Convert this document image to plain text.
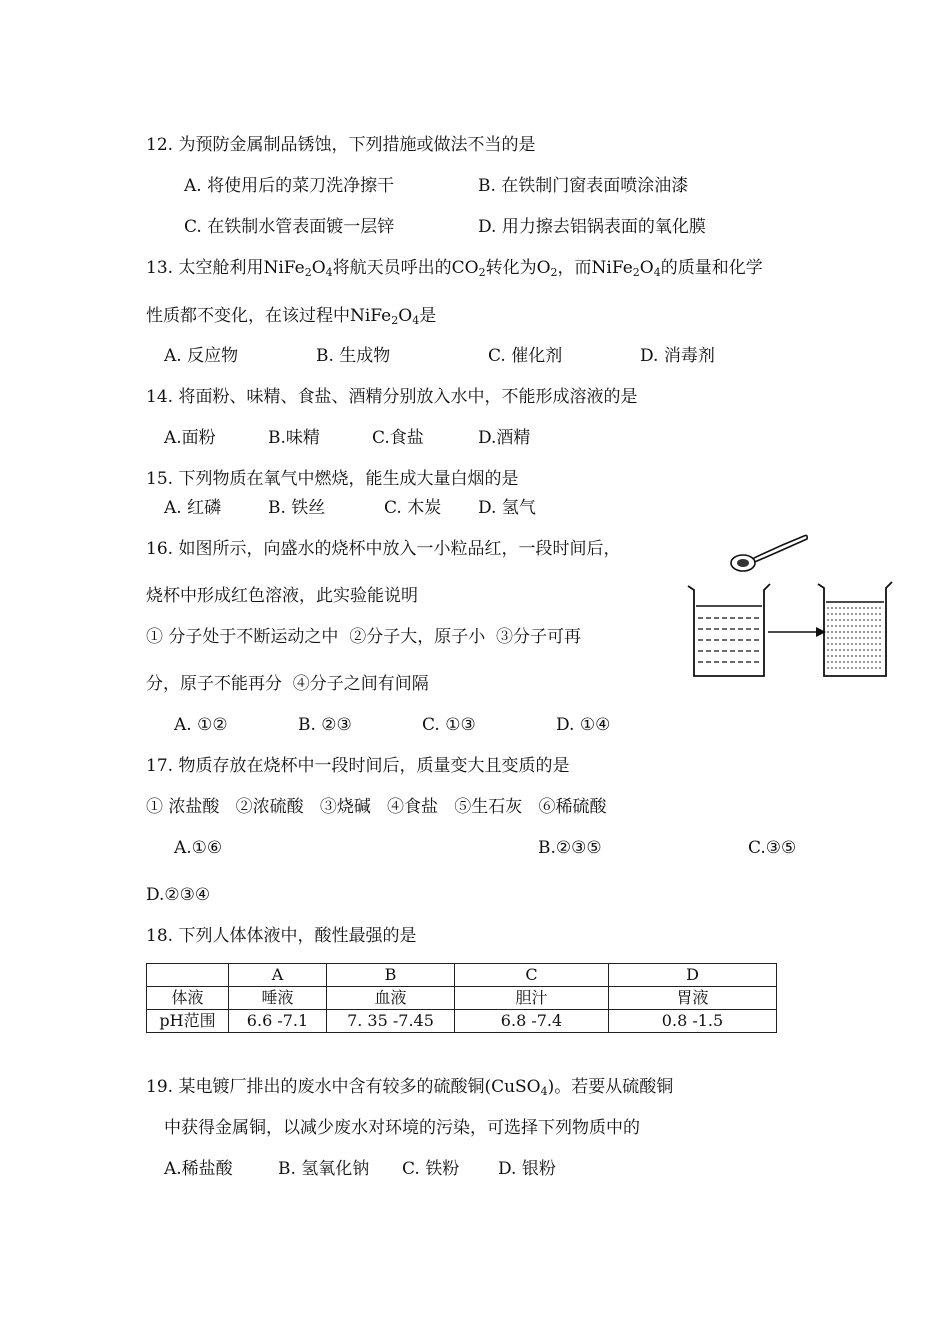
12. 为预防金属制品锈蚀，下列措施或做法不当的是
A. 将使用后的菜刀洗净擦干	B. 在铁制门窗表面喷涂油漆
C. 在铁制水管表面镀一层锌	D. 用力擦去铝锅表面的氧化膜
13. 太空舱利用$NiFe_2O_4$将航天员呼出的$CO_2$转化为$O_2$，而$NiFe_2O_4$的质量和化学
性质都不变化，在该过程中$NiFe_2O_4$是
A. 反应物	B. 生成物	C. 催化剂	D. 消毒剂
14. 将面粉、味精、食盐、酒精分别放入水中，不能形成溶液的是
A.面粉	B.味精	C.食盐	D.酒精
15. 下列物质在氧气中燃烧，能生成大量白烟的是
A. 红磷	B. 铁丝	C. 木炭 D. 氢气
16. 如图所示，向盛水的烧杯中放入一小粒品红，一段时间后，
烧杯中形成红色溶液，此实验能说明
① 分子处于不断运动之中  ②分子大，原子小  ③分子可再
分，原子不能再分  ④分子之间有间隔
A. ①②	B. ②③	C. ①③	D. ①④
17. 物质存放在烧杯中一段时间后，质量变大且变质的是
① 浓盐酸   ②浓硫酸   ③烧碱   ④食盐   ⑤生石灰   ⑥稀硫酸
A.①⑥	B.②③⑤	C.③⑤
D.②③④
18. 下列人体体液中，酸性最强的是
	A	B	C	D
体液	唾液	血液	胆汁	胃液
pH范围	6.6 -7.1	7. 35 -7.45	6.8 -7.4	0.8 -1.5
19. 某电镀厂排出的废水中含有较多的硫酸铜(CuSO$_4$)。若要从硫酸铜
中获得金属铜，以减少废水对环境的污染，可选择下列物质中的
A.稀盐酸	B. 氢氧化钠 C. 铁粉 D. 银粉
